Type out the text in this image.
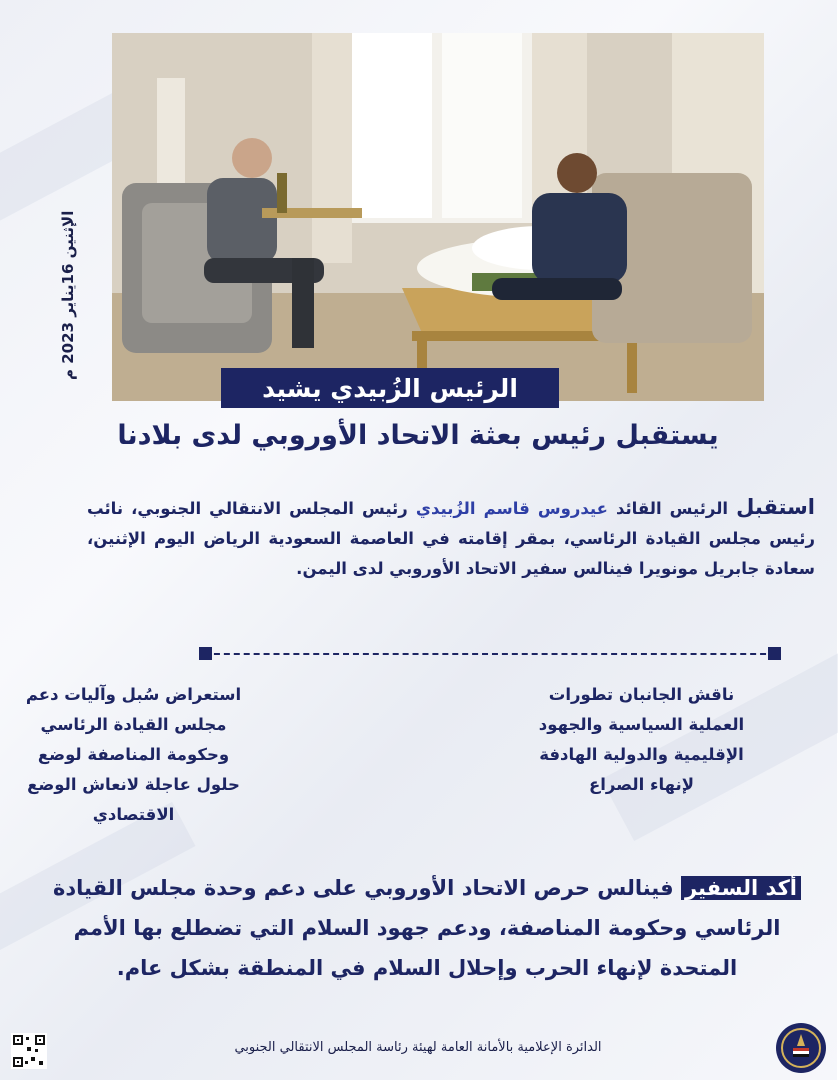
الإثنين 16يناير 2023 م
الرئيس الزُبيدي يشيد
يستقبل رئيس بعثة الاتحاد الأوروبي لدى بلادنا
استقبل الرئيس القائد عيدروس قاسم الزُبيدي رئيس المجلس الانتقالي الجنوبي، نائب رئيس مجلس القيادة الرئاسي، بمقر إقامته في العاصمة السعودية الرياض اليوم الإثنين، سعادة جابريل مونويرا فينالس سفير الاتحاد الأوروبي لدى اليمن.
ناقش الجانبان تطورات العملية السياسية والجهود الإقليمية والدولية الهادفة لإنهاء الصراع
استعراض سُبل وآليات دعم مجلس القيادة الرئاسي وحكومة المناصفة لوضع حلول عاجلة لانعاش الوضع الاقتصادي
أكد السفير فينالس حرص الاتحاد الأوروبي على دعم وحدة مجلس القيادة الرئاسي وحكومة المناصفة، ودعم جهود السلام التي تضطلع بها الأمم المتحدة لإنهاء الحرب وإحلال السلام في المنطقة بشكل عام.
الدائرة الإعلامية بالأمانة العامة لهيئة رئاسة المجلس الانتقالي الجنوبي
